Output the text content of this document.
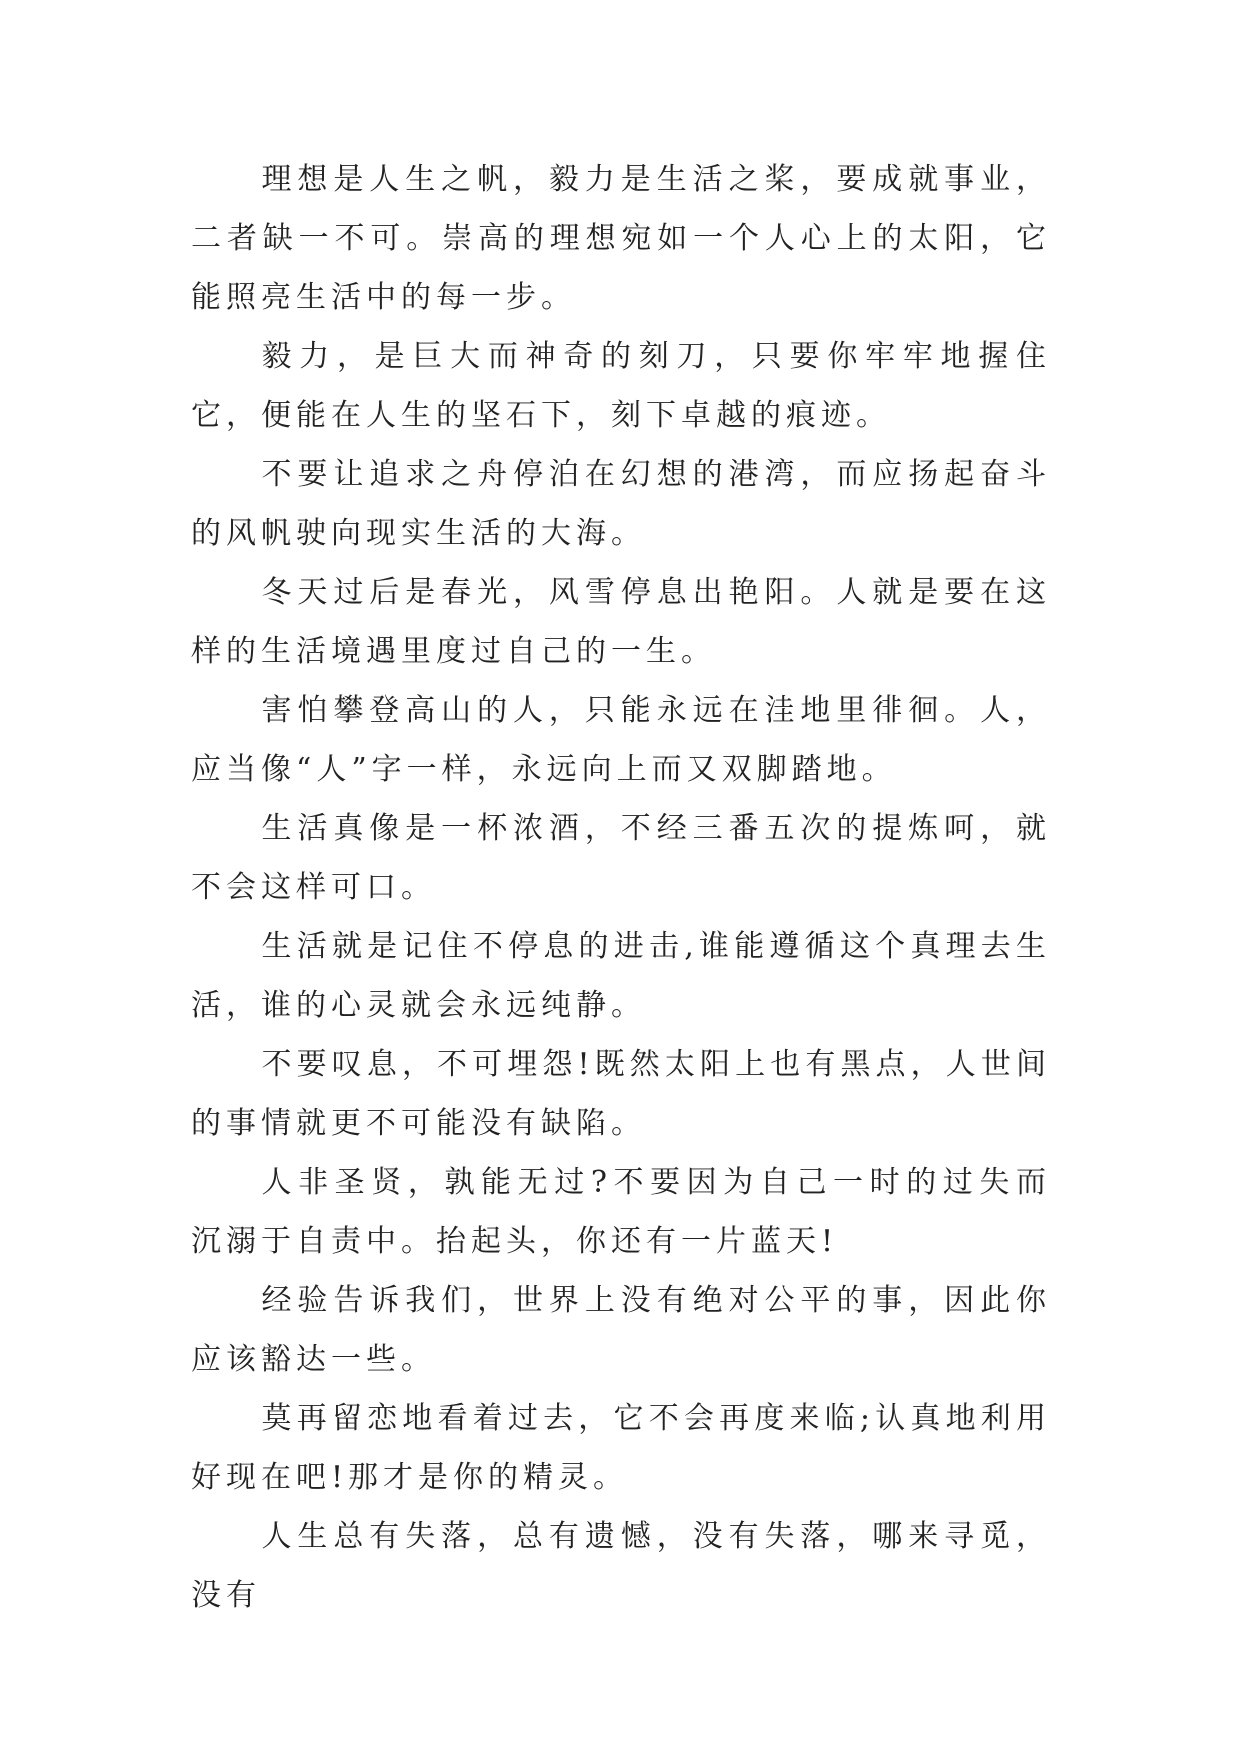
理想是人生之帆，毅力是生活之桨，要成就事业，二者缺一不可。崇高的理想宛如一个人心上的太阳，它能照亮生活中的每一步。

毅力，是巨大而神奇的刻刀，只要你牢牢地握住它，便能在人生的坚石下，刻下卓越的痕迹。

不要让追求之舟停泊在幻想的港湾，而应扬起奋斗的风帆驶向现实生活的大海。

冬天过后是春光，风雪停息出艳阳。人就是要在这样的生活境遇里度过自己的一生。

害怕攀登高山的人，只能永远在洼地里徘徊。人，应当像“人”字一样，永远向上而又双脚踏地。

生活真像是一杯浓酒，不经三番五次的提炼呵，就不会这样可口。

生活就是记住不停息的进击,谁能遵循这个真理去生活，谁的心灵就会永远纯静。

不要叹息，不可埋怨!既然太阳上也有黑点，人世间的事情就更不可能没有缺陷。

人非圣贤，孰能无过?不要因为自己一时的过失而沉溺于自责中。抬起头，你还有一片蓝天!

经验告诉我们，世界上没有绝对公平的事，因此你应该豁达一些。

莫再留恋地看着过去，它不会再度来临;认真地利用好现在吧!那才是你的精灵。

人生总有失落，总有遗憾，没有失落，哪来寻觅，没有
